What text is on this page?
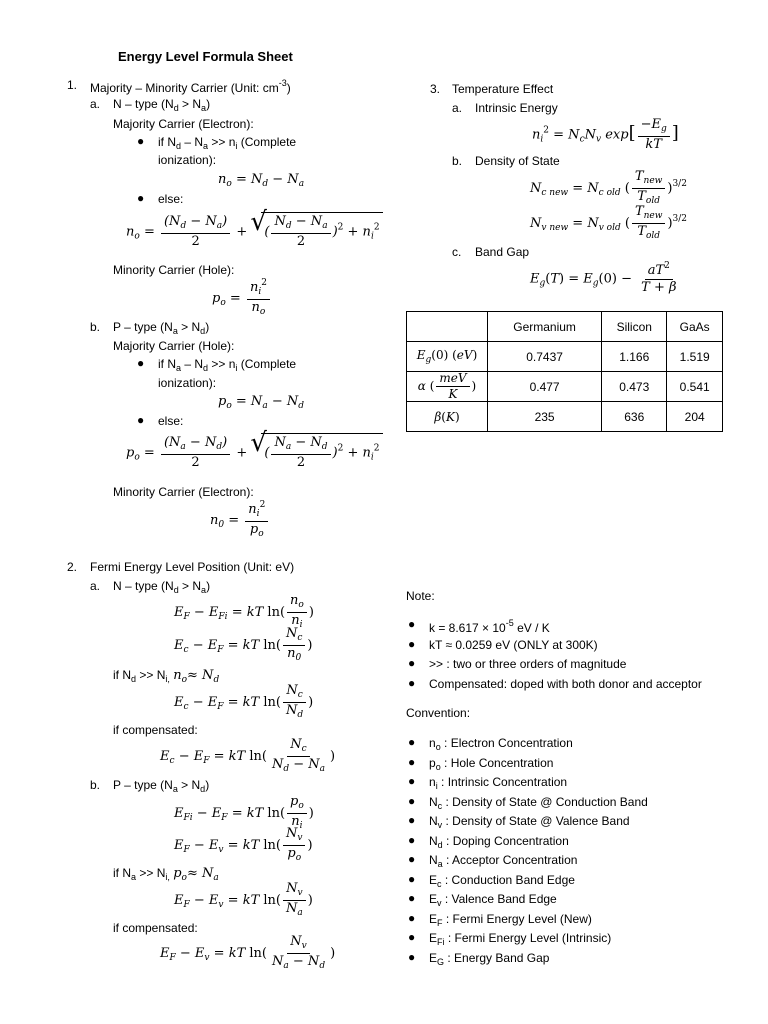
Energy Level Formula Sheet
1. Majority – Minority Carrier (Unit: $cm^{-3}$)
a. N – type $(N_d > N_a)$
Majority Carrier (Electron):
● if $N_d - N_a >> n_i$ (Complete
ionization):
$n_o = N_d - N_a$
● else:
$n_o = \frac{(N_d - N_a)}{2}$ + √ ( $\frac{N_d - N_a}{2} )^2 + n_i^2$
Minority Carrier (Hole):
$p_o = \frac{n_i^2}{n_o}$
b. P – type $(N_a > N_d)$
Majority Carrier (Hole):
● if $N_a - N_d >> n_i$ (Complete
ionization):
$p_o = N_a - N_d$
● else:
$p_o = \frac{(N_a - N_d)}{2}$ + √ ( $\frac{N_a - N_d}{2} )^2 + n_i^2$
Minority Carrier (Electron):
$n_0 = \frac{n_i^2}{p_o}$
2. Fermi Energy Level Position (Unit: eV)
a. N – type $(N_d > N_a)$
$E_F - E_{Fi}$ = kT $\ln( \frac{n_o}{n_i}$ )
$E_c - E_F$ = kT $\ln( \frac{N_c}{n_0}$ )
if $N_d >> N_{i,}$ $n_o\approx N_d$
$E_c - E_F$ = kT $\ln( \frac{N_c}{N_d}$ )
if compensated:
$E_c - E_F$ = kT $\ln( \frac{N_c}{N_d - N_a}$ )
b. P – type $(N_a > N_d)$
$E_{Fi} - E_F$ = kT $\ln( \frac{p_o}{n_i}$ )
$E_F - E_v$ = kT $\ln( \frac{N_v}{p_o}$ )
if $N_a >> N_{i,}$ $p_o\approx N_a$
$E_F - E_v$ = kT $\ln( \frac{N_v}{N_a}$ )
if compensated:
$E_F - E_v$ = kT $\ln( \frac{N_v}{N_a - N_d}$ )
3. Temperature Effect
a. Intrinsic Energy
$n_i^2 = N_cN_v$ $\exp[ \frac{-E_g}{kT}$ ]
b. Density of State
$N_{c new} = N_{c old}$ ( $\frac{T_{new}}{T_{old}} )^{3/2}$
$N_{v new} = N_{v old}$ ( $\frac{T_{new}}{T_{old}} )^{3/2}$
c. Band Gap
$E_g(T) = E_g(0) - \frac{aT^2}{T + \beta}$
	Germanium	Silicon	GaAs
$E_g(0)$ (eV)	0.7437	1.166	1.519
α ( $\frac{\text{meV}}{K}$ )	0.477	0.473	0.541
β(K)	235	636	204
Note:
● $k = 8.617 \times 10^{-5}$ eV / K
● kT ≈ 0.0259 eV (ONLY at 300K)
● >> : two or three orders of magnitude
● Compensated: doped with both donor and acceptor
Convention:
● $n_o$ : Electron Concentration
● $p_o$ : Hole Concentration
● $n_i$ : Intrinsic Concentration
● $N_c$ : Density of State @ Conduction Band
● $N_v$ : Density of State @ Valence Band
● $N_d$ : Doping Concentration
● $N_a$ : Acceptor Concentration
● $E_c$ : Conduction Band Edge
● $E_v$ : Valence Band Edge
● $E_F$ : Fermi Energy Level (New)
● $E_{Fi}$ : Fermi Energy Level (Intrinsic)
● $E_G$ : Energy Band Gap
